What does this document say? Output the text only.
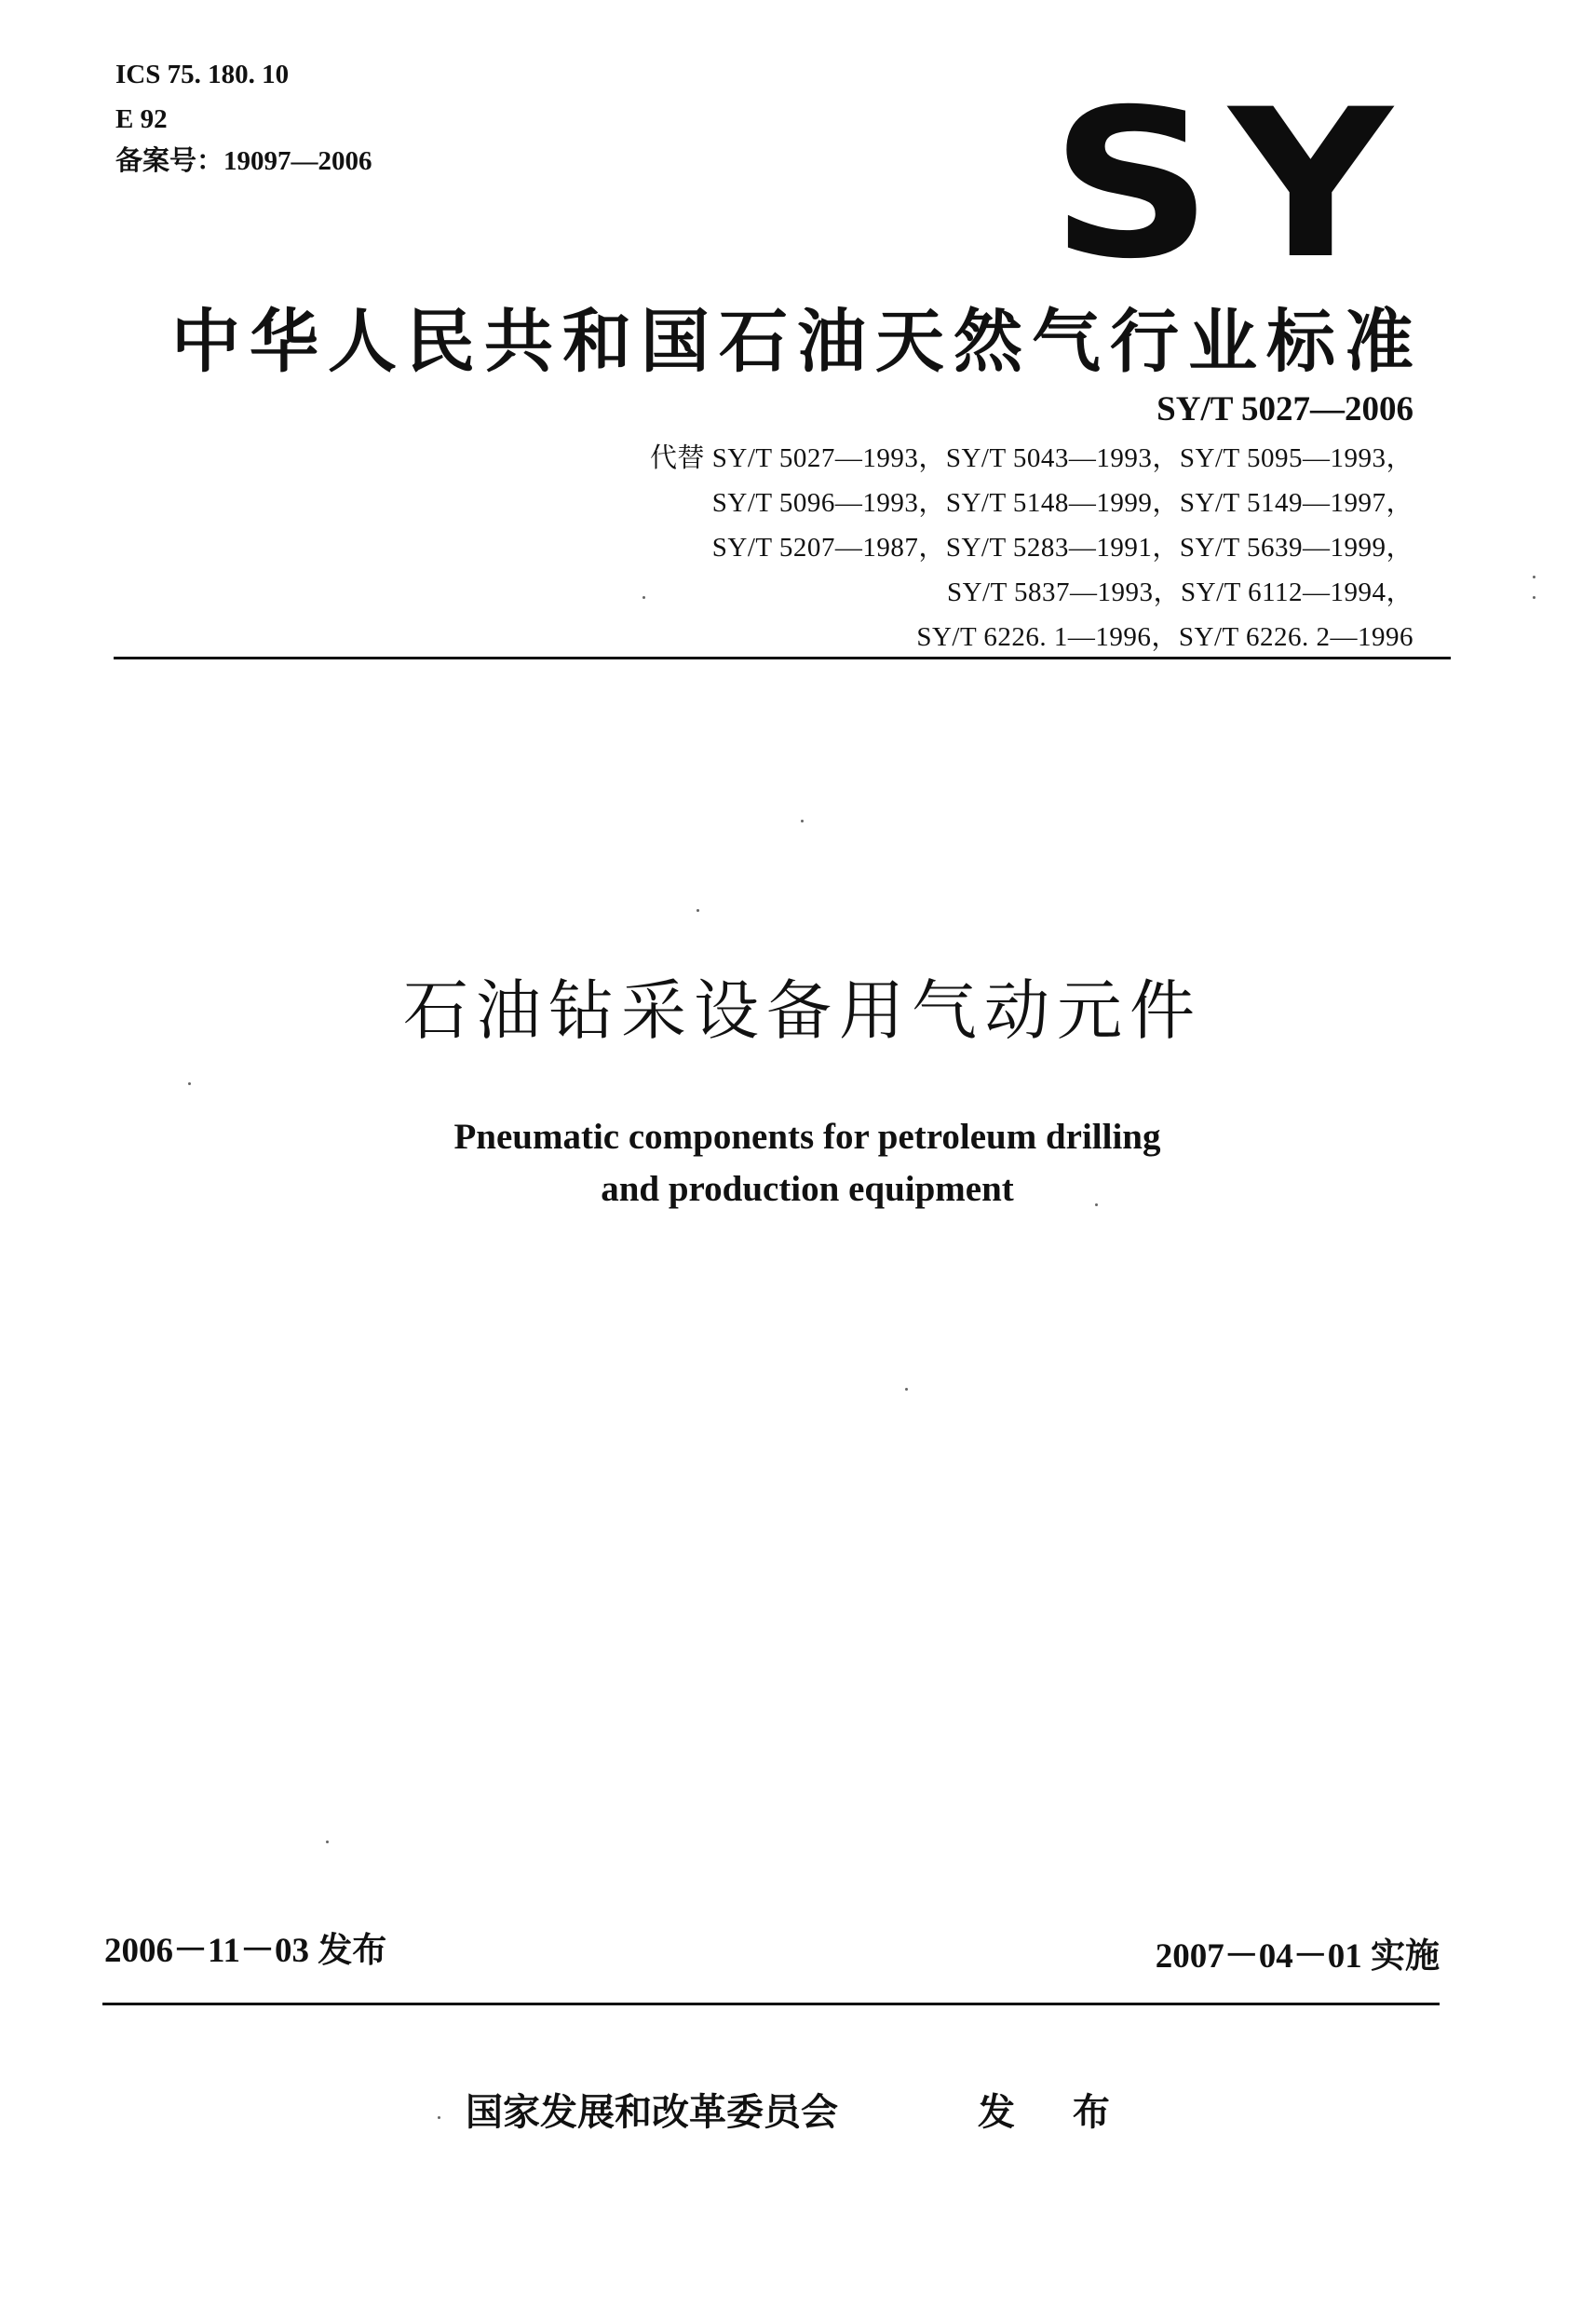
ICS 75. 180. 10
E 92
备案号：19097—2006	SY
中华人民共和国石油天然气行业标准
SY/T 5027—2006
代替 SY/T 5027—1993，SY/T 5043—1993，SY/T 5095—1993，
SY/T 5096—1993，SY/T 5148—1999，SY/T 5149—1997，
SY/T 5207—1987，SY/T 5283—1991，SY/T 5639—1999，
SY/T 5837—1993，SY/T 6112—1994，
SY/T 6226. 1—1996，SY/T 6226. 2—1996
石油钻采设备用气动元件
Pneumatic components for petroleum drilling
and production equipment
2006－11－03 发布	2007－04－01 实施
国家发展和改革委员会	发 布
